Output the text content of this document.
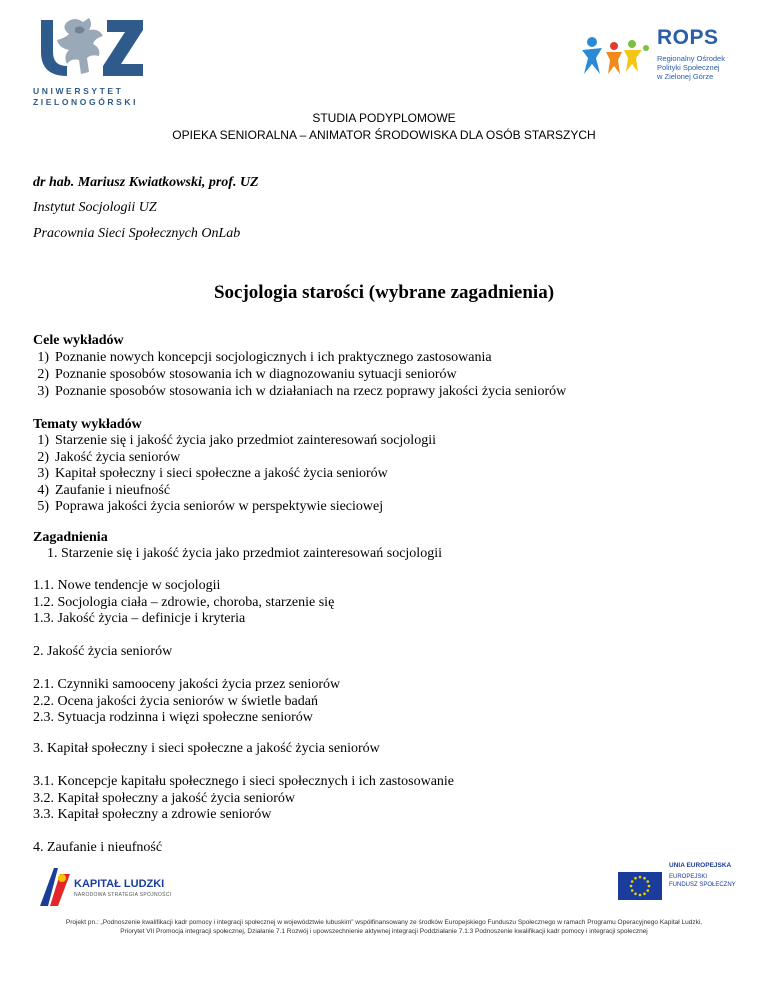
UNIWERSYTET
ZIELONOGÓRSKI
ROPS
Regionalny Ośrodek
Polityki Społecznej
w Zielonej Górze
STUDIA PODYPLOMOWE
OPIEKA SENIORALNA – ANIMATOR ŚRODOWISKA DLA OSÓB STARSZYCH
dr hab. Mariusz Kwiatkowski, prof. UZ
Instytut Socjologii UZ
Pracownia Sieci Społecznych OnLab
Socjologia starości (wybrane zagadnienia)
Cele wykładów
1) Poznanie nowych koncepcji socjologicznych i ich praktycznego zastosowania
2) Poznanie sposobów stosowania ich w diagnozowaniu sytuacji seniorów
3) Poznanie sposobów stosowania ich w działaniach na rzecz poprawy jakości życia seniorów
Tematy wykładów
1) Starzenie się i jakość życia jako przedmiot zainteresowań socjologii
2) Jakość życia seniorów
3) Kapitał społeczny i sieci społeczne a jakość życia seniorów
4) Zaufanie i nieufność
5) Poprawa jakości życia seniorów w perspektywie sieciowej
Zagadnienia
1. Starzenie się i jakość życia jako przedmiot zainteresowań socjologii
1.1. Nowe tendencje w socjologii
1.2. Socjologia ciała – zdrowie, choroba, starzenie się
1.3. Jakość życia – definicje i kryteria
2. Jakość życia seniorów
2.1. Czynniki samooceny jakości życia przez seniorów
2.2. Ocena jakości życia seniorów w świetle badań
2.3. Sytuacja rodzinna i więzi społeczne seniorów
3. Kapitał społeczny i sieci społeczne a jakość życia seniorów
3.1. Koncepcje kapitału społecznego i sieci społecznych i ich zastosowanie
3.2. Kapitał społeczny a jakość życia seniorów
3.3. Kapitał społeczny a zdrowie seniorów
4. Zaufanie i nieufność
KAPITAŁ LUDZKI
NARODOWA STRATEGIA SPÓJNOŚCI
UNIA EUROPEJSKA
EUROPEJSKI
FUNDUSZ SPOŁECZNY
Projekt pn.: „Podnoszenie kwalifikacji kadr pomocy i integracji społecznej w województwie lubuskim” współfinansowany ze środków Europejskiego Funduszu Społecznego w ramach Programu Operacyjnego Kapitał Ludzki,
Priorytet VII Promocja integracji społecznej, Działanie 7.1 Rozwój i upowszechnienie aktywnej integracji Poddziałanie 7.1.3 Podnoszenie kwalifikacji kadr pomocy i integracji społecznej
